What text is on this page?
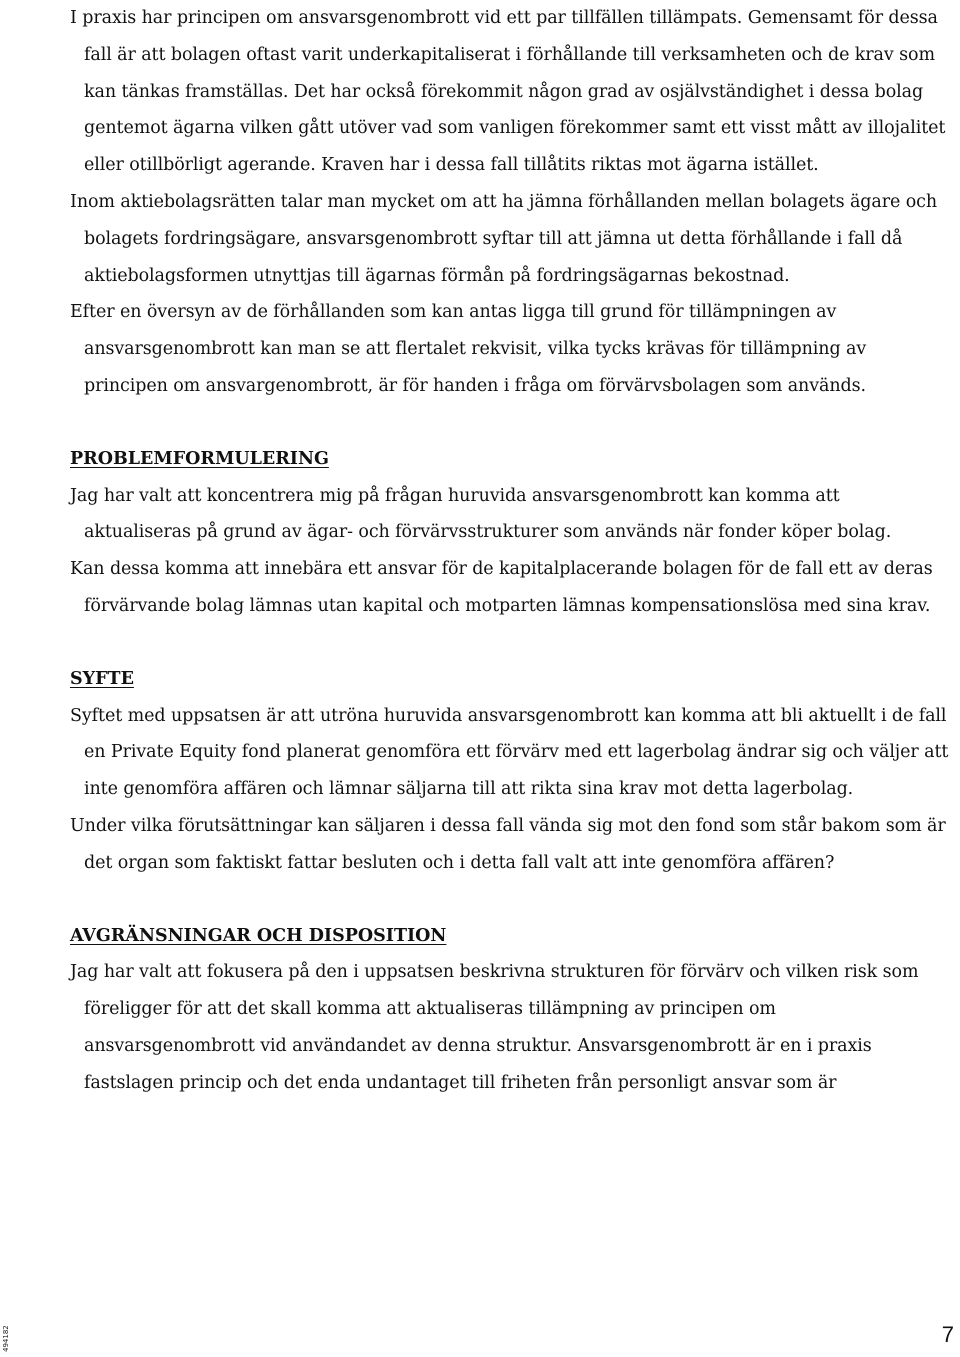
I praxis har principen om ansvarsgenombrott vid ett par tillfällen tillämpats. Gemensamt för dessa fall är att bolagen oftast varit underkapitaliserat i förhållande till verksamheten och de krav som kan tänkas framställas. Det har också förekommit någon grad av osjälvständighet i dessa bolag gentemot ägarna vilken gått utöver vad som vanligen förekommer samt ett visst mått av illojalitet eller otillbörligt agerande. Kraven har i dessa fall tillåtits riktas mot ägarna istället.

Inom aktiebolagsrätten talar man mycket om att ha jämna förhållanden mellan bolagets ägare och bolagets fordringsägare, ansvarsgenombrott syftar till att jämna ut detta förhållande i fall då aktiebolagsformen utnyttjas till ägarnas förmån på fordringsägarnas bekostnad.

Efter en översyn av de förhållanden som kan antas ligga till grund för tillämpningen av ansvarsgenombrott kan man se att flertalet rekvisit, vilka tycks krävas för tillämpning av principen om ansvargenombrott, är för handen i fråga om förvärvsbolagen som används.

PROBLEMFORMULERING

Jag har valt att koncentrera mig på frågan huruvida ansvarsgenombrott kan komma att aktualiseras på grund av ägar- och förvärvsstrukturer som används när fonder köper bolag.

Kan dessa komma att innebära ett ansvar för de kapitalplacerande bolagen för de fall ett av deras förvärvande bolag lämnas utan kapital och motparten lämnas kompensationslösa med sina krav.

SYFTE

Syftet med uppsatsen är att utröna huruvida ansvarsgenombrott kan komma att bli aktuellt i de fall en Private Equity fond planerat genomföra ett förvärv med ett lagerbolag ändrar sig och väljer att inte genomföra affären och lämnar säljarna till att rikta sina krav mot detta lagerbolag.

Under vilka förutsättningar kan säljaren i dessa fall vända sig mot den fond som står bakom som är det organ som faktiskt fattar besluten och i detta fall valt att inte genomföra affären?

AVGRÄNSNINGAR OCH DISPOSITION

Jag har valt att fokusera på den i uppsatsen beskrivna strukturen för förvärv och vilken risk som föreligger för att det skall komma att aktualiseras tillämpning av principen om ansvarsgenombrott vid användandet av denna struktur. Ansvarsgenombrott är en i praxis fastslagen princip och det enda undantaget till friheten från personligt ansvar som är

494182	7
